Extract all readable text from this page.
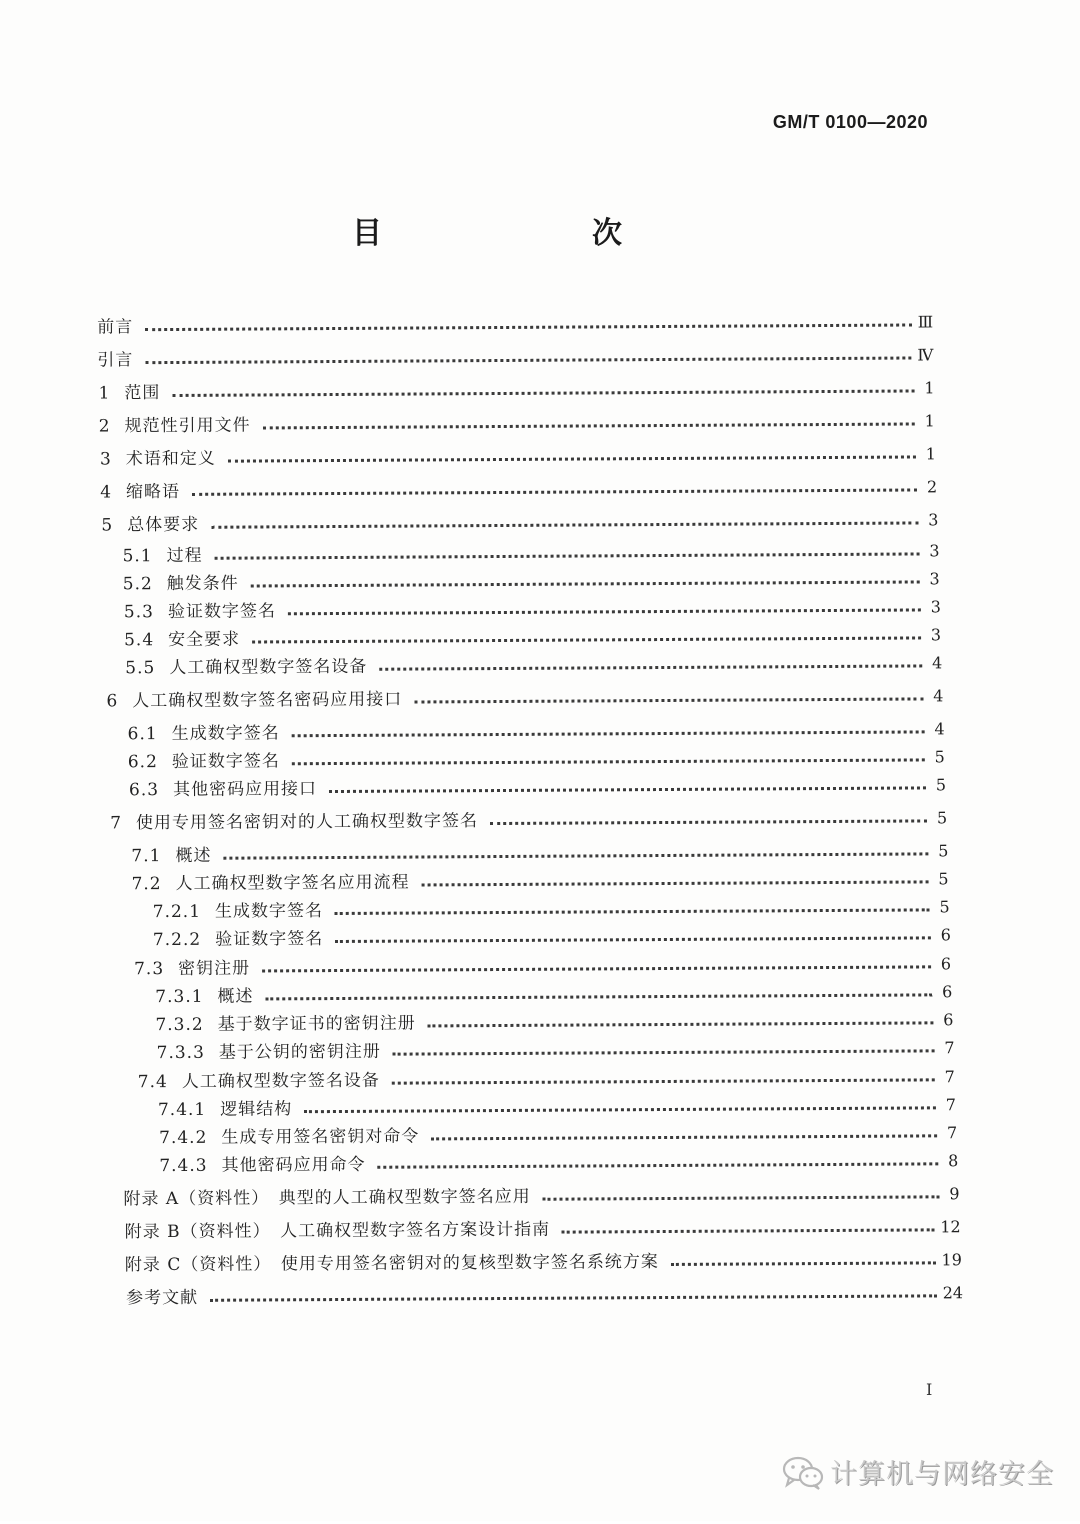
GM/T 0100—2020
目　　次
前言	Ⅲ
引言	Ⅳ
1 范围	1
2 规范性引用文件	1
3 术语和定义	1
4 缩略语	2
5 总体要求	3
5.1 过程	3
5.2 触发条件	3
5.3 验证数字签名	3
5.4 安全要求	3
5.5 人工确权型数字签名设备	4
6 人工确权型数字签名密码应用接口	4
6.1 生成数字签名	4
6.2 验证数字签名	5
6.3 其他密码应用接口	5
7 使用专用签名密钥对的人工确权型数字签名	5
7.1 概述	5
7.2 人工确权型数字签名应用流程	5
7.2.1 生成数字签名	5
7.2.2 验证数字签名	6
7.3 密钥注册	6
7.3.1 概述	6
7.3.2 基于数字证书的密钥注册	6
7.3.3 基于公钥的密钥注册	7
7.4 人工确权型数字签名设备	7
7.4.1 逻辑结构	7
7.4.2 生成专用签名密钥对命令	7
7.4.3 其他密码应用命令	8
附录 A（资料性）　典型的人工确权型数字签名应用	9
附录 B（资料性）　人工确权型数字签名方案设计指南	12
附录 C（资料性）　使用专用签名密钥对的复核型数字签名系统方案	19
参考文献	24
I
计算机与网络安全
